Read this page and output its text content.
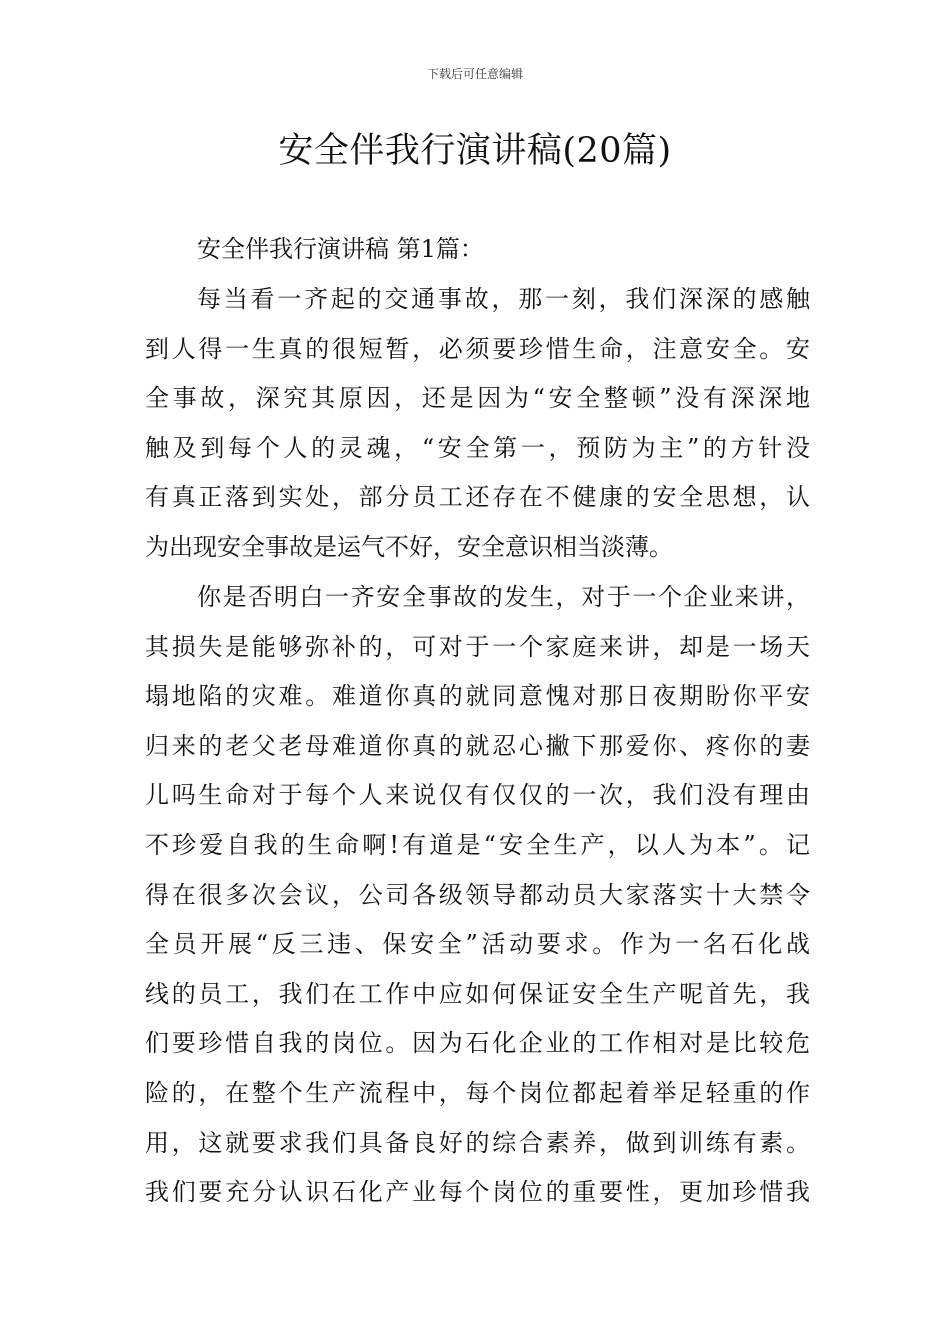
下载后可任意编辑
安全伴我行演讲稿(20篇)
安全伴我行演讲稿 第1篇：
每当看一齐起的交通事故，那一刻，我们深深的感触
到人得一生真的很短暂，必须要珍惜生命，注意安全。安
全事故，深究其原因，还是因为“安全整顿”没有深深地
触及到每个人的灵魂，“安全第一，预防为主”的方针没
有真正落到实处，部分员工还存在不健康的安全思想，认
为出现安全事故是运气不好，安全意识相当淡薄。
你是否明白一齐安全事故的发生，对于一个企业来讲，
其损失是能够弥补的，可对于一个家庭来讲，却是一场天
塌地陷的灾难。难道你真的就同意愧对那日夜期盼你平安
归来的老父老母难道你真的就忍心撇下那爱你、疼你的妻
儿吗生命对于每个人来说仅有仅仅的一次，我们没有理由
不珍爱自我的生命啊!有道是“安全生产，以人为本”。记
得在很多次会议，公司各级领导都动员大家落实十大禁令
全员开展“反三违、保安全”活动要求。作为一名石化战
线的员工，我们在工作中应如何保证安全生产呢首先，我
们要珍惜自我的岗位。因为石化企业的工作相对是比较危
险的，在整个生产流程中，每个岗位都起着举足轻重的作
用，这就要求我们具备良好的综合素养，做到训练有素。
我们要充分认识石化产业每个岗位的重要性，更加珍惜我
